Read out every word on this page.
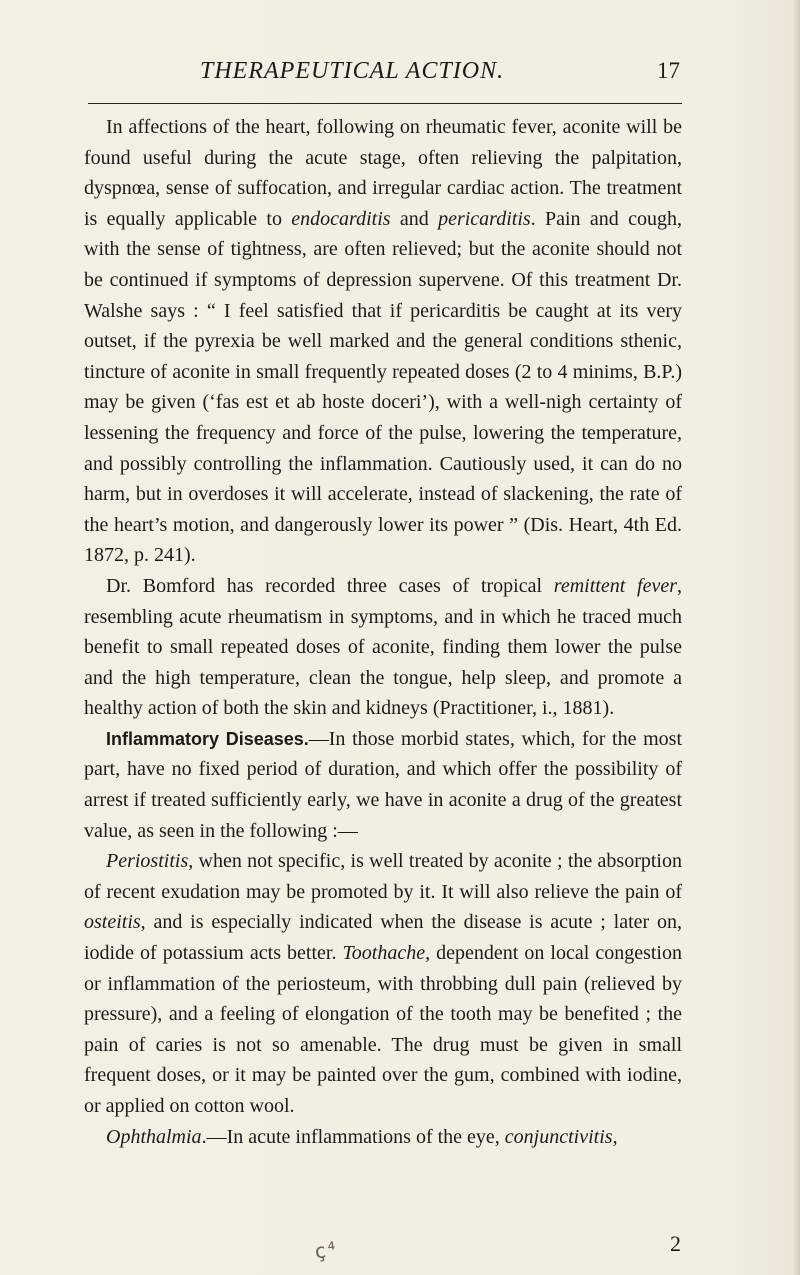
THERAPEUTICAL ACTION.	17

In affections of the heart, following on rheumatic fever, aconite will be found useful during the acute stage, often relieving the palpitation, dyspnœa, sense of suffocation, and irregular cardiac action. The treatment is equally applicable to endocarditis and pericarditis. Pain and cough, with the sense of tightness, are often relieved; but the aconite should not be continued if symptoms of depression supervene. Of this treatment Dr. Walshe says : “ I feel satisfied that if pericarditis be caught at its very outset, if the pyrexia be well marked and the general conditions sthenic, tincture of aconite in small frequently repeated doses (2 to 4 minims, B.P.) may be given (‘fas est et ab hoste doceri’), with a well-nigh certainty of lessening the frequency and force of the pulse, lowering the temperature, and possibly controlling the inflammation. Cautiously used, it can do no harm, but in overdoses it will accelerate, instead of slackening, the rate of the heart’s motion, and dangerously lower its power ” (Dis. Heart, 4th Ed. 1872, p. 241).

Dr. Bomford has recorded three cases of tropical remittent fever, resembling acute rheumatism in symptoms, and in which he traced much benefit to small repeated doses of aconite, finding them lower the pulse and the high temperature, clean the tongue, help sleep, and promote a healthy action of both the skin and kidneys (Practitioner, i., 1881).

Inflammatory Diseases.—In those morbid states, which, for the most part, have no fixed period of duration, and which offer the possibility of arrest if treated sufficiently early, we have in aconite a drug of the greatest value, as seen in the following :—

Periostitis, when not specific, is well treated by aconite ; the absorption of recent exudation may be promoted by it. It will also relieve the pain of osteitis, and is especially indicated when the disease is acute ; later on, iodide of potassium acts better. Toothache, dependent on local congestion or inflammation of the periosteum, with throbbing dull pain (relieved by pressure), and a feeling of elongation of the tooth may be benefited ; the pain of caries is not so amenable. The drug must be given in small frequent doses, or it may be painted over the gum, combined with iodine, or applied on cotton wool.

Ophthalmia.—In acute inflammations of the eye, conjunctivitis,

ç⁴	2
